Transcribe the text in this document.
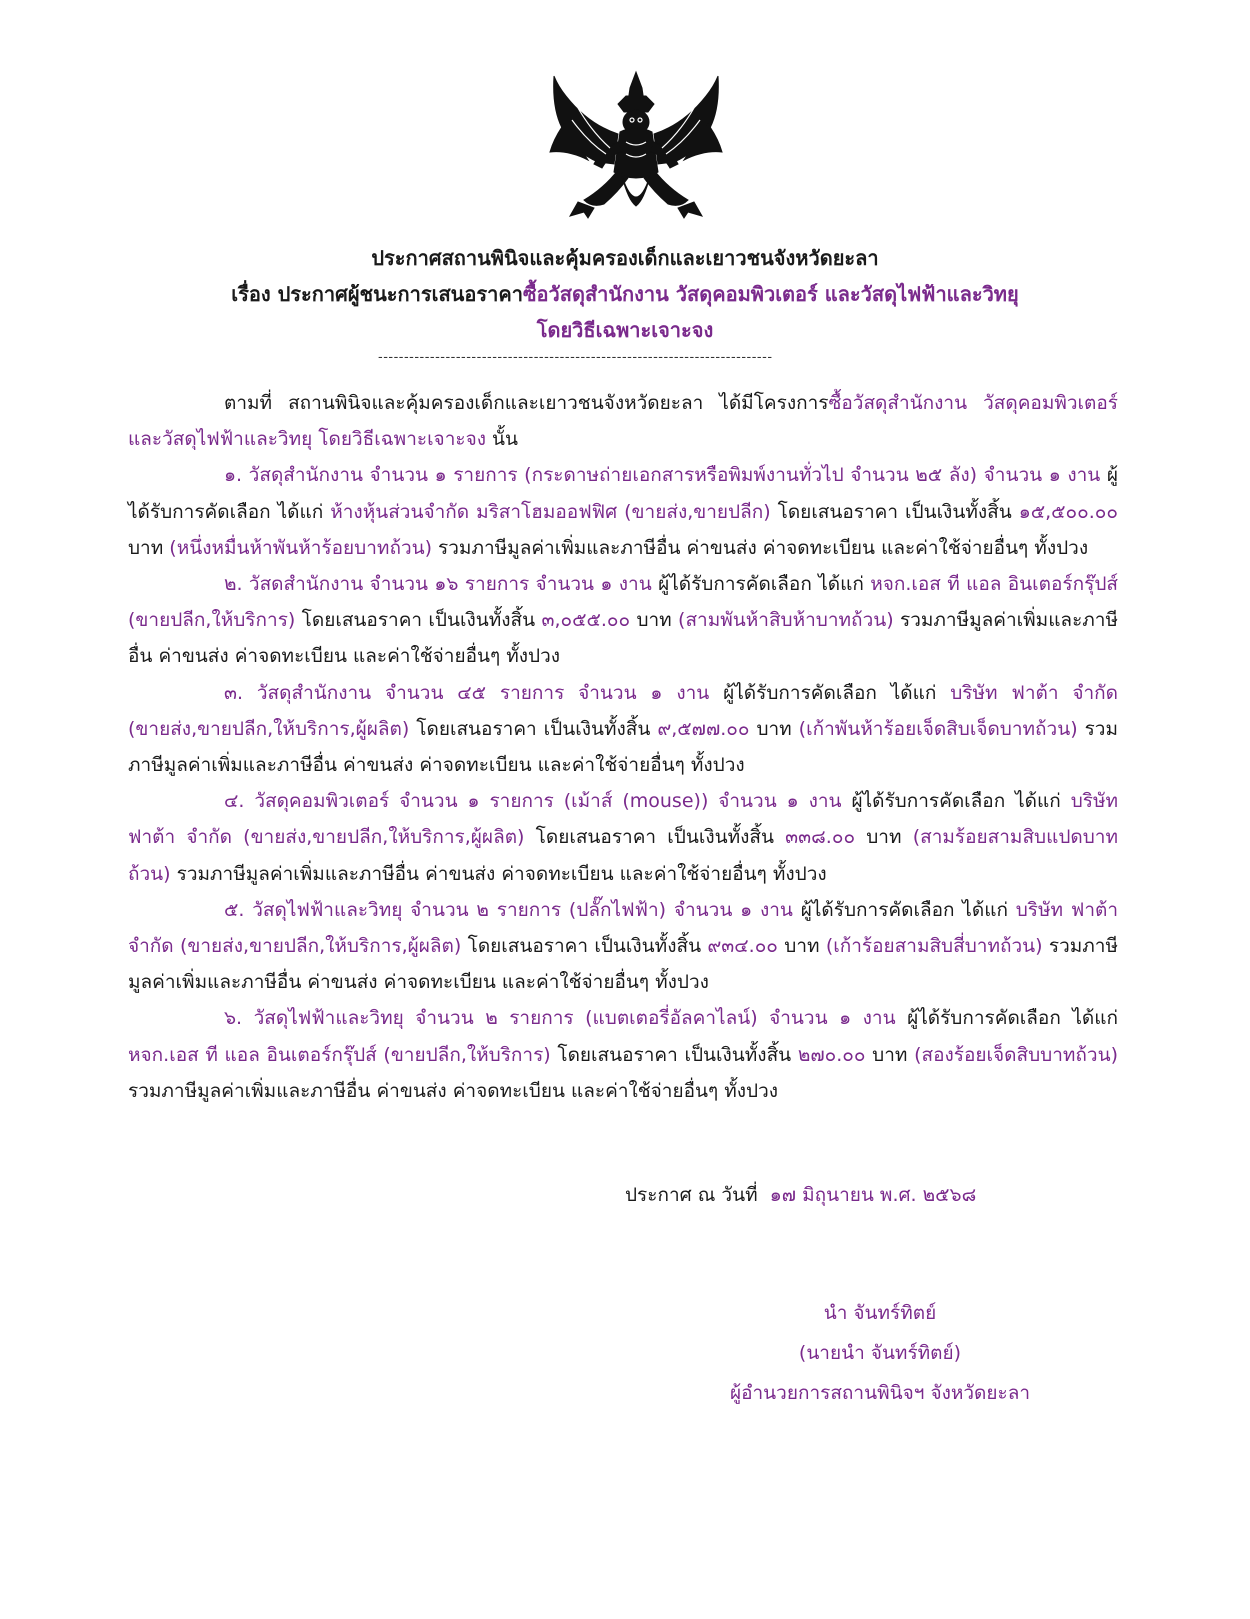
ประกาศสถานพินิจและคุ้มครองเด็กและเยาวชนจังหวัดยะลา
เรื่อง ประกาศผู้ชนะการเสนอราคาซื้อวัสดุสำนักงาน วัสดุคอมพิวเตอร์ และวัสดุไฟฟ้าและวิทยุ
โดยวิธีเฉพาะเจาะจง
----------------------------------------------------------------------------

ตามที่ สถานพินิจและคุ้มครองเด็กและเยาวชนจังหวัดยะลา ได้มีโครงการซื้อวัสดุสำนักงาน วัสดุคอมพิวเตอร์ และวัสดุไฟฟ้าและวิทยุ โดยวิธีเฉพาะเจาะจง นั้น

๑. วัสดุสำนักงาน จำนวน ๑ รายการ (กระดาษถ่ายเอกสารหรือพิมพ์งานทั่วไป จำนวน ๒๕ ลัง) จำนวน ๑ งาน ผู้ได้รับการคัดเลือก ได้แก่ ห้างหุ้นส่วนจำกัด มริสาโฮมออฟฟิศ (ขายส่ง,ขายปลีก) โดยเสนอราคา เป็นเงินทั้งสิ้น ๑๕,๕๐๐.๐๐ บาท (หนึ่งหมื่นห้าพันห้าร้อยบาทถ้วน) รวมภาษีมูลค่าเพิ่มและภาษีอื่น ค่าขนส่ง ค่าจดทะเบียน และค่าใช้จ่ายอื่นๆ ทั้งปวง

๒. วัสดสำนักงาน จำนวน ๑๖ รายการ จำนวน ๑ งาน ผู้ได้รับการคัดเลือก ได้แก่ หจก.เอส ที แอล อินเตอร์กรุ๊ปส์ (ขายปลีก,ให้บริการ) โดยเสนอราคา เป็นเงินทั้งสิ้น ๓,๐๕๕.๐๐ บาท (สามพันห้าสิบห้าบาทถ้วน) รวมภาษีมูลค่าเพิ่มและภาษีอื่น ค่าขนส่ง ค่าจดทะเบียน และค่าใช้จ่ายอื่นๆ ทั้งปวง

๓. วัสดุสำนักงาน จำนวน ๔๕ รายการ จำนวน ๑ งาน ผู้ได้รับการคัดเลือก ได้แก่ บริษัท ฟาต้า จำกัด (ขายส่ง,ขายปลีก,ให้บริการ,ผู้ผลิต) โดยเสนอราคา เป็นเงินทั้งสิ้น ๙,๕๗๗.๐๐ บาท (เก้าพันห้าร้อยเจ็ดสิบเจ็ดบาทถ้วน) รวมภาษีมูลค่าเพิ่มและภาษีอื่น ค่าขนส่ง ค่าจดทะเบียน และค่าใช้จ่ายอื่นๆ ทั้งปวง

๔. วัสดุคอมพิวเตอร์ จำนวน ๑ รายการ (เม้าส์ (mouse)) จำนวน ๑ งาน ผู้ได้รับการคัดเลือก ได้แก่ บริษัท ฟาต้า จำกัด (ขายส่ง,ขายปลีก,ให้บริการ,ผู้ผลิต) โดยเสนอราคา เป็นเงินทั้งสิ้น ๓๓๘.๐๐ บาท (สามร้อยสามสิบแปดบาทถ้วน) รวมภาษีมูลค่าเพิ่มและภาษีอื่น ค่าขนส่ง ค่าจดทะเบียน และค่าใช้จ่ายอื่นๆ ทั้งปวง

๕. วัสดุไฟฟ้าและวิทยุ จำนวน ๒ รายการ (ปลั๊กไฟฟ้า) จำนวน ๑ งาน ผู้ได้รับการคัดเลือก ได้แก่ บริษัท ฟาต้า จำกัด (ขายส่ง,ขายปลีก,ให้บริการ,ผู้ผลิต) โดยเสนอราคา เป็นเงินทั้งสิ้น ๙๓๔.๐๐ บาท (เก้าร้อยสามสิบสี่บาทถ้วน) รวมภาษีมูลค่าเพิ่มและภาษีอื่น ค่าขนส่ง ค่าจดทะเบียน และค่าใช้จ่ายอื่นๆ ทั้งปวง

๖. วัสดุไฟฟ้าและวิทยุ จำนวน ๒ รายการ (แบตเตอรี่อัลคาไลน์) จำนวน ๑ งาน ผู้ได้รับการคัดเลือก ได้แก่ หจก.เอส ที แอล อินเตอร์กรุ๊ปส์ (ขายปลีก,ให้บริการ) โดยเสนอราคา เป็นเงินทั้งสิ้น ๒๗๐.๐๐ บาท (สองร้อยเจ็ดสิบบาทถ้วน) รวมภาษีมูลค่าเพิ่มและภาษีอื่น ค่าขนส่ง ค่าจดทะเบียน และค่าใช้จ่ายอื่นๆ ทั้งปวง

ประกาศ ณ วันที่ ๑๗ มิถุนายน พ.ศ. ๒๕๖๘
นำ จันทร์ทิตย์
(นายนำ จันทร์ทิตย์)
ผู้อำนวยการสถานพินิจฯ จังหวัดยะลา
